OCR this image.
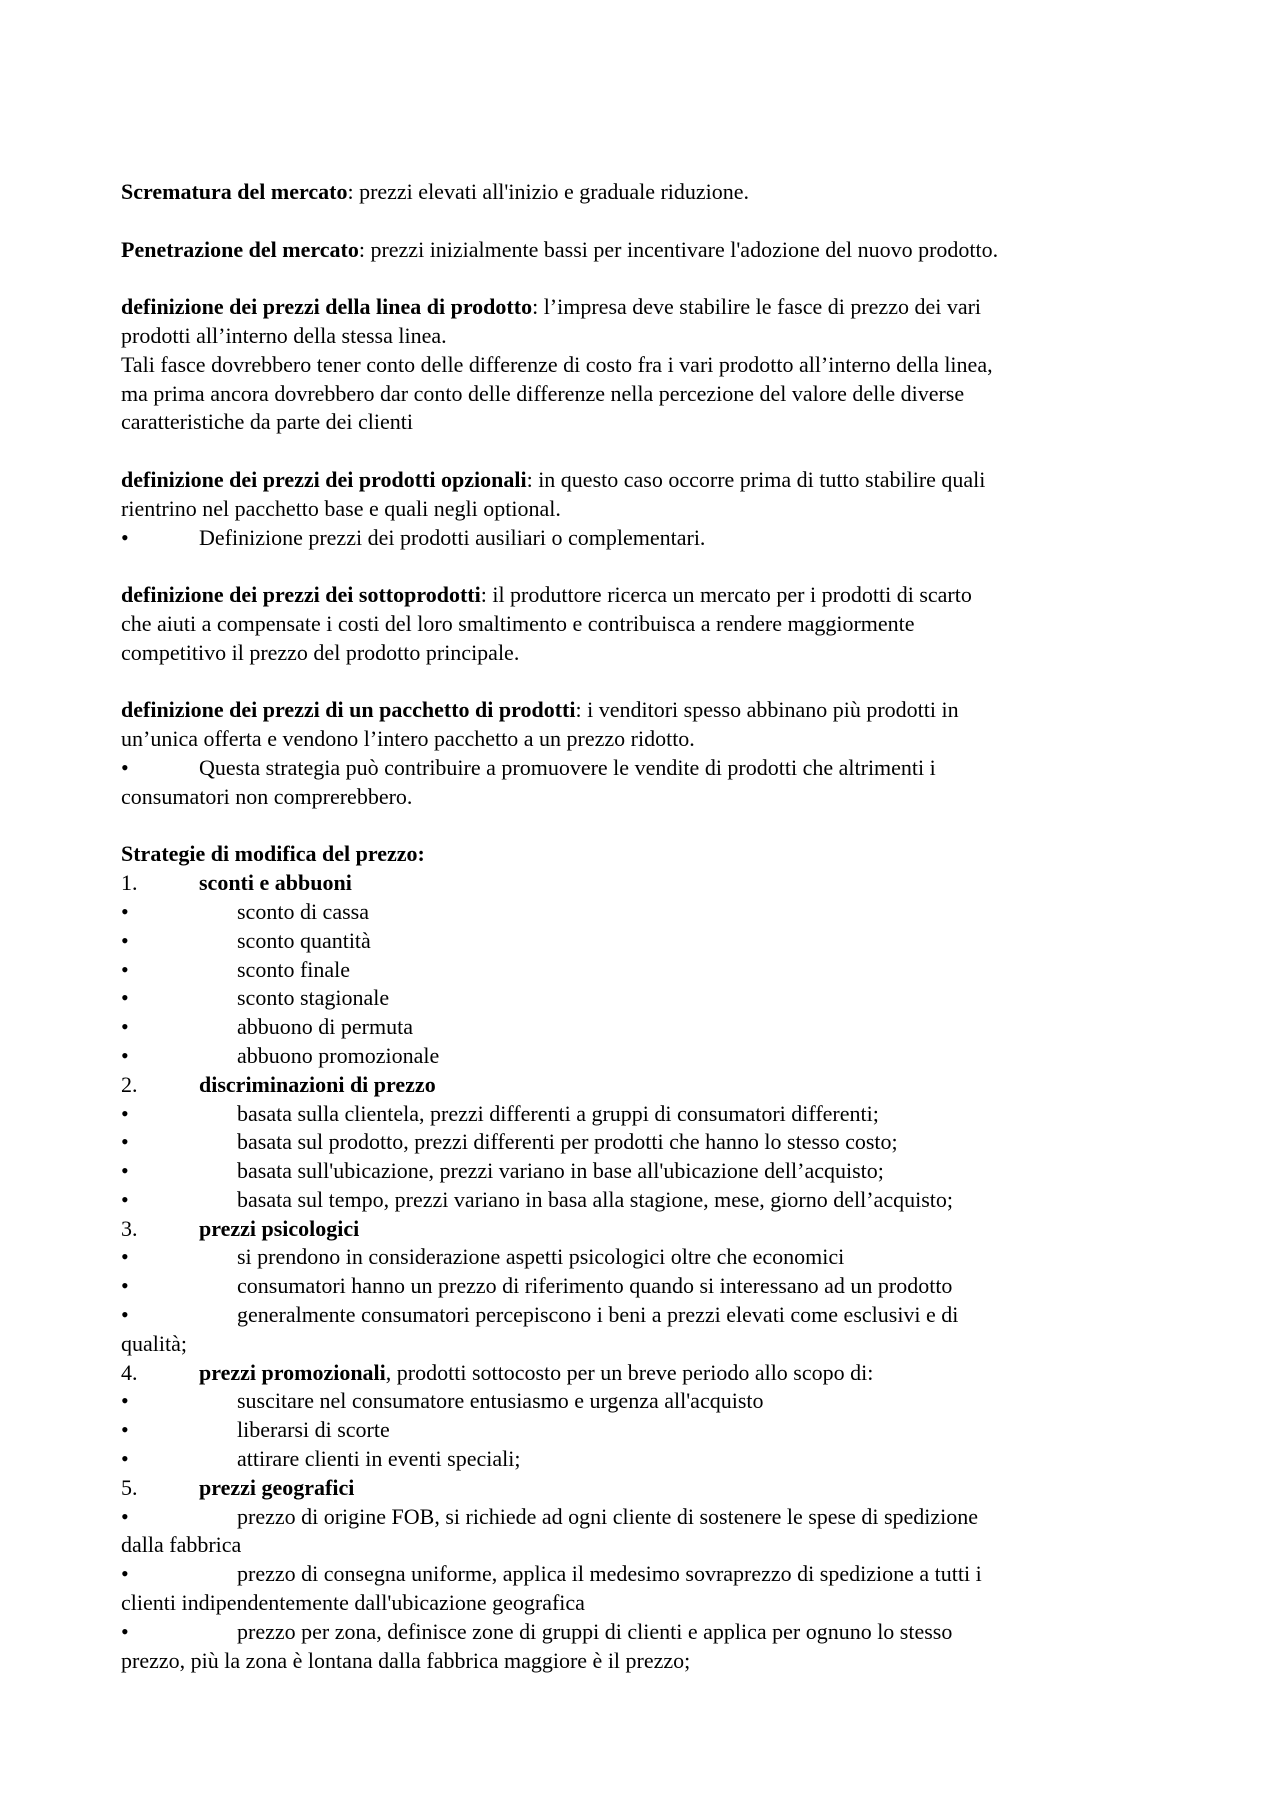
Scrematura del mercato: prezzi elevati all'inizio e graduale riduzione.
Penetrazione del mercato: prezzi inizialmente bassi per incentivare l'adozione del nuovo prodotto.
definizione dei prezzi della linea di prodotto: l’impresa deve stabilire le fasce di prezzo dei vari
prodotti all’interno della stessa linea.
Tali fasce dovrebbero tener conto delle differenze di costo fra i vari prodotto all’interno della linea,
ma prima ancora dovrebbero dar conto delle differenze nella percezione del valore delle diverse
caratteristiche da parte dei clienti
definizione dei prezzi dei prodotti opzionali: in questo caso occorre prima di tutto stabilire quali
rientrino nel pacchetto base e quali negli optional.
•	Definizione prezzi dei prodotti ausiliari o complementari.
definizione dei prezzi dei sottoprodotti: il produttore ricerca un mercato per i prodotti di scarto
che aiuti a compensate i costi del loro smaltimento e contribuisca a rendere maggiormente
competitivo il prezzo del prodotto principale.
definizione dei prezzi di un pacchetto di prodotti: i venditori spesso abbinano più prodotti in
un’unica offerta e vendono l’intero pacchetto a un prezzo ridotto.
•	Questa strategia può contribuire a promuovere le vendite di prodotti che altrimenti i
consumatori non comprerebbero.
Strategie di modifica del prezzo:
1.	sconti e abbuoni
•	sconto di cassa
•	sconto quantità
•	sconto finale
•	sconto stagionale
•	abbuono di permuta
•	abbuono promozionale
2.	discriminazioni di prezzo
•	basata sulla clientela, prezzi differenti a gruppi di consumatori differenti;
•	basata sul prodotto, prezzi differenti per prodotti che hanno lo stesso costo;
•	basata sull'ubicazione, prezzi variano in base all'ubicazione dell’acquisto;
•	basata sul tempo, prezzi variano in basa alla stagione, mese, giorno dell’acquisto;
3.	prezzi psicologici
•	si prendono in considerazione aspetti psicologici oltre che economici
•	consumatori hanno un prezzo di riferimento quando si interessano ad un prodotto
•	generalmente consumatori percepiscono i beni a prezzi elevati come esclusivi e di
qualità;
4.	prezzi promozionali, prodotti sottocosto per un breve periodo allo scopo di:
•	suscitare nel consumatore entusiasmo e urgenza all'acquisto
•	liberarsi di scorte
•	attirare clienti in eventi speciali;
5.	prezzi geografici
•	prezzo di origine FOB, si richiede ad ogni cliente di sostenere le spese di spedizione
dalla fabbrica
•	prezzo di consegna uniforme, applica il medesimo sovraprezzo di spedizione a tutti i
clienti indipendentemente dall'ubicazione geografica
•	prezzo per zona, definisce zone di gruppi di clienti e applica per ognuno lo stesso
prezzo, più la zona è lontana dalla fabbrica maggiore è il prezzo;
